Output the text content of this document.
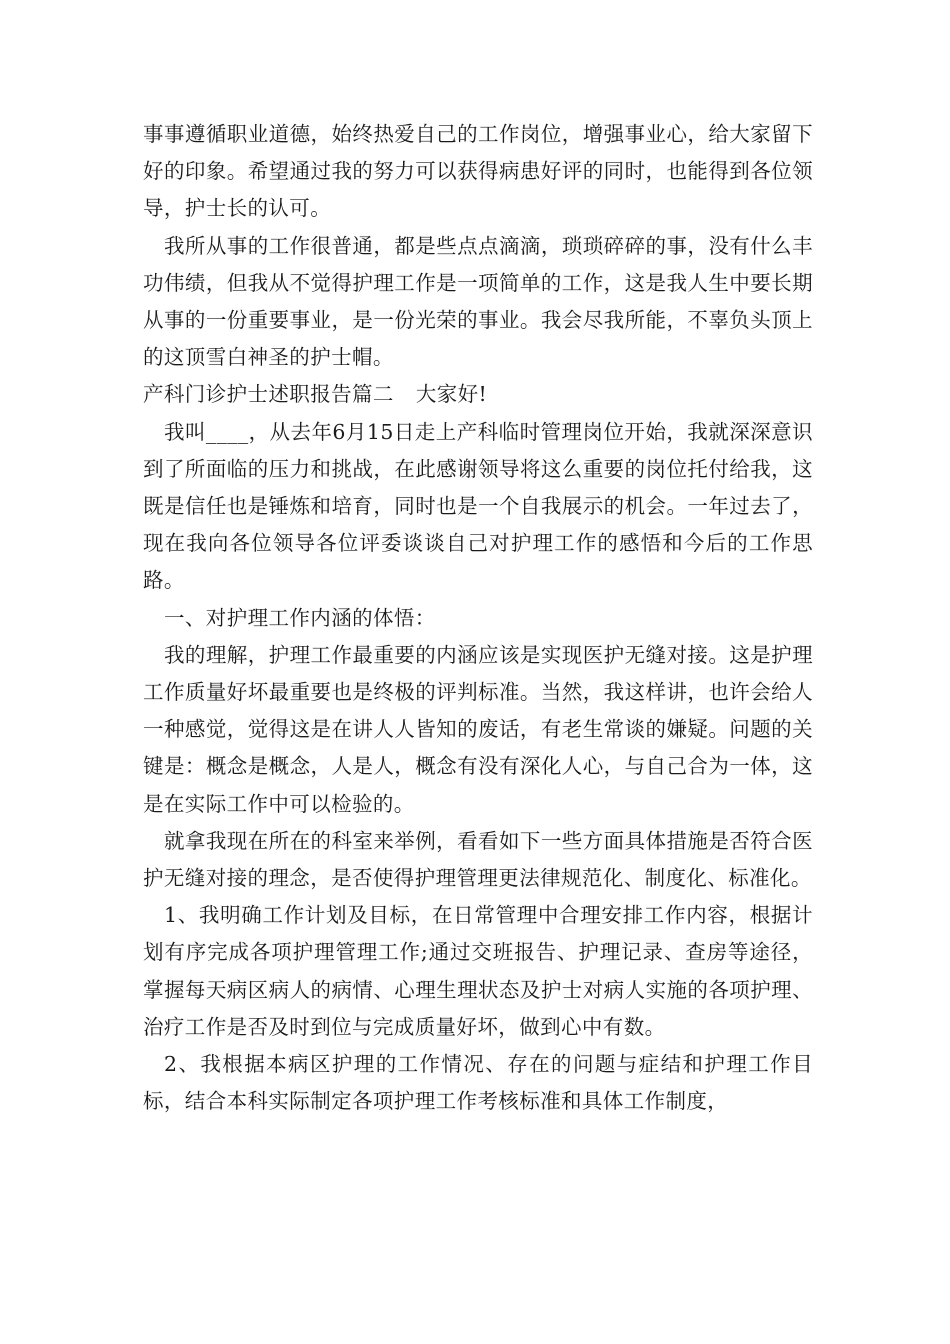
事事遵循职业道德，始终热爱自己的工作岗位，增强事业心，给大家留下好的印象。希望通过我的努力可以获得病患好评的同时，也能得到各位领导，护士长的认可。

我所从事的工作很普通，都是些点点滴滴，琐琐碎碎的事，没有什么丰功伟绩，但我从不觉得护理工作是一项简单的工作，这是我人生中要长期从事的一份重要事业，是一份光荣的事业。我会尽我所能，不辜负头顶上的这顶雪白神圣的护士帽。

产科门诊护士述职报告篇二 大家好!

我叫____，从去年6月15日走上产科临时管理岗位开始，我就深深意识到了所面临的压力和挑战，在此感谢领导将这么重要的岗位托付给我，这既是信任也是锤炼和培育，同时也是一个自我展示的机会。一年过去了，现在我向各位领导各位评委谈谈自己对护理工作的感悟和今后的工作思路。

一、对护理工作内涵的体悟：

我的理解，护理工作最重要的内涵应该是实现医护无缝对接。这是护理工作质量好坏最重要也是终极的评判标准。当然，我这样讲，也许会给人一种感觉，觉得这是在讲人人皆知的废话，有老生常谈的嫌疑。问题的关键是：概念是概念，人是人，概念有没有深化人心，与自己合为一体，这是在实际工作中可以检验的。

就拿我现在所在的科室来举例，看看如下一些方面具体措施是否符合医护无缝对接的理念，是否使得护理管理更法律规范化、制度化、标准化。

1、我明确工作计划及目标，在日常管理中合理安排工作内容，根据计划有序完成各项护理管理工作;通过交班报告、护理记录、查房等途径，掌握每天病区病人的病情、心理生理状态及护士对病人实施的各项护理、治疗工作是否及时到位与完成质量好坏，做到心中有数。

2、我根据本病区护理的工作情况、存在的问题与症结和护理工作目标，结合本科实际制定各项护理工作考核标准和具体工作制度，
